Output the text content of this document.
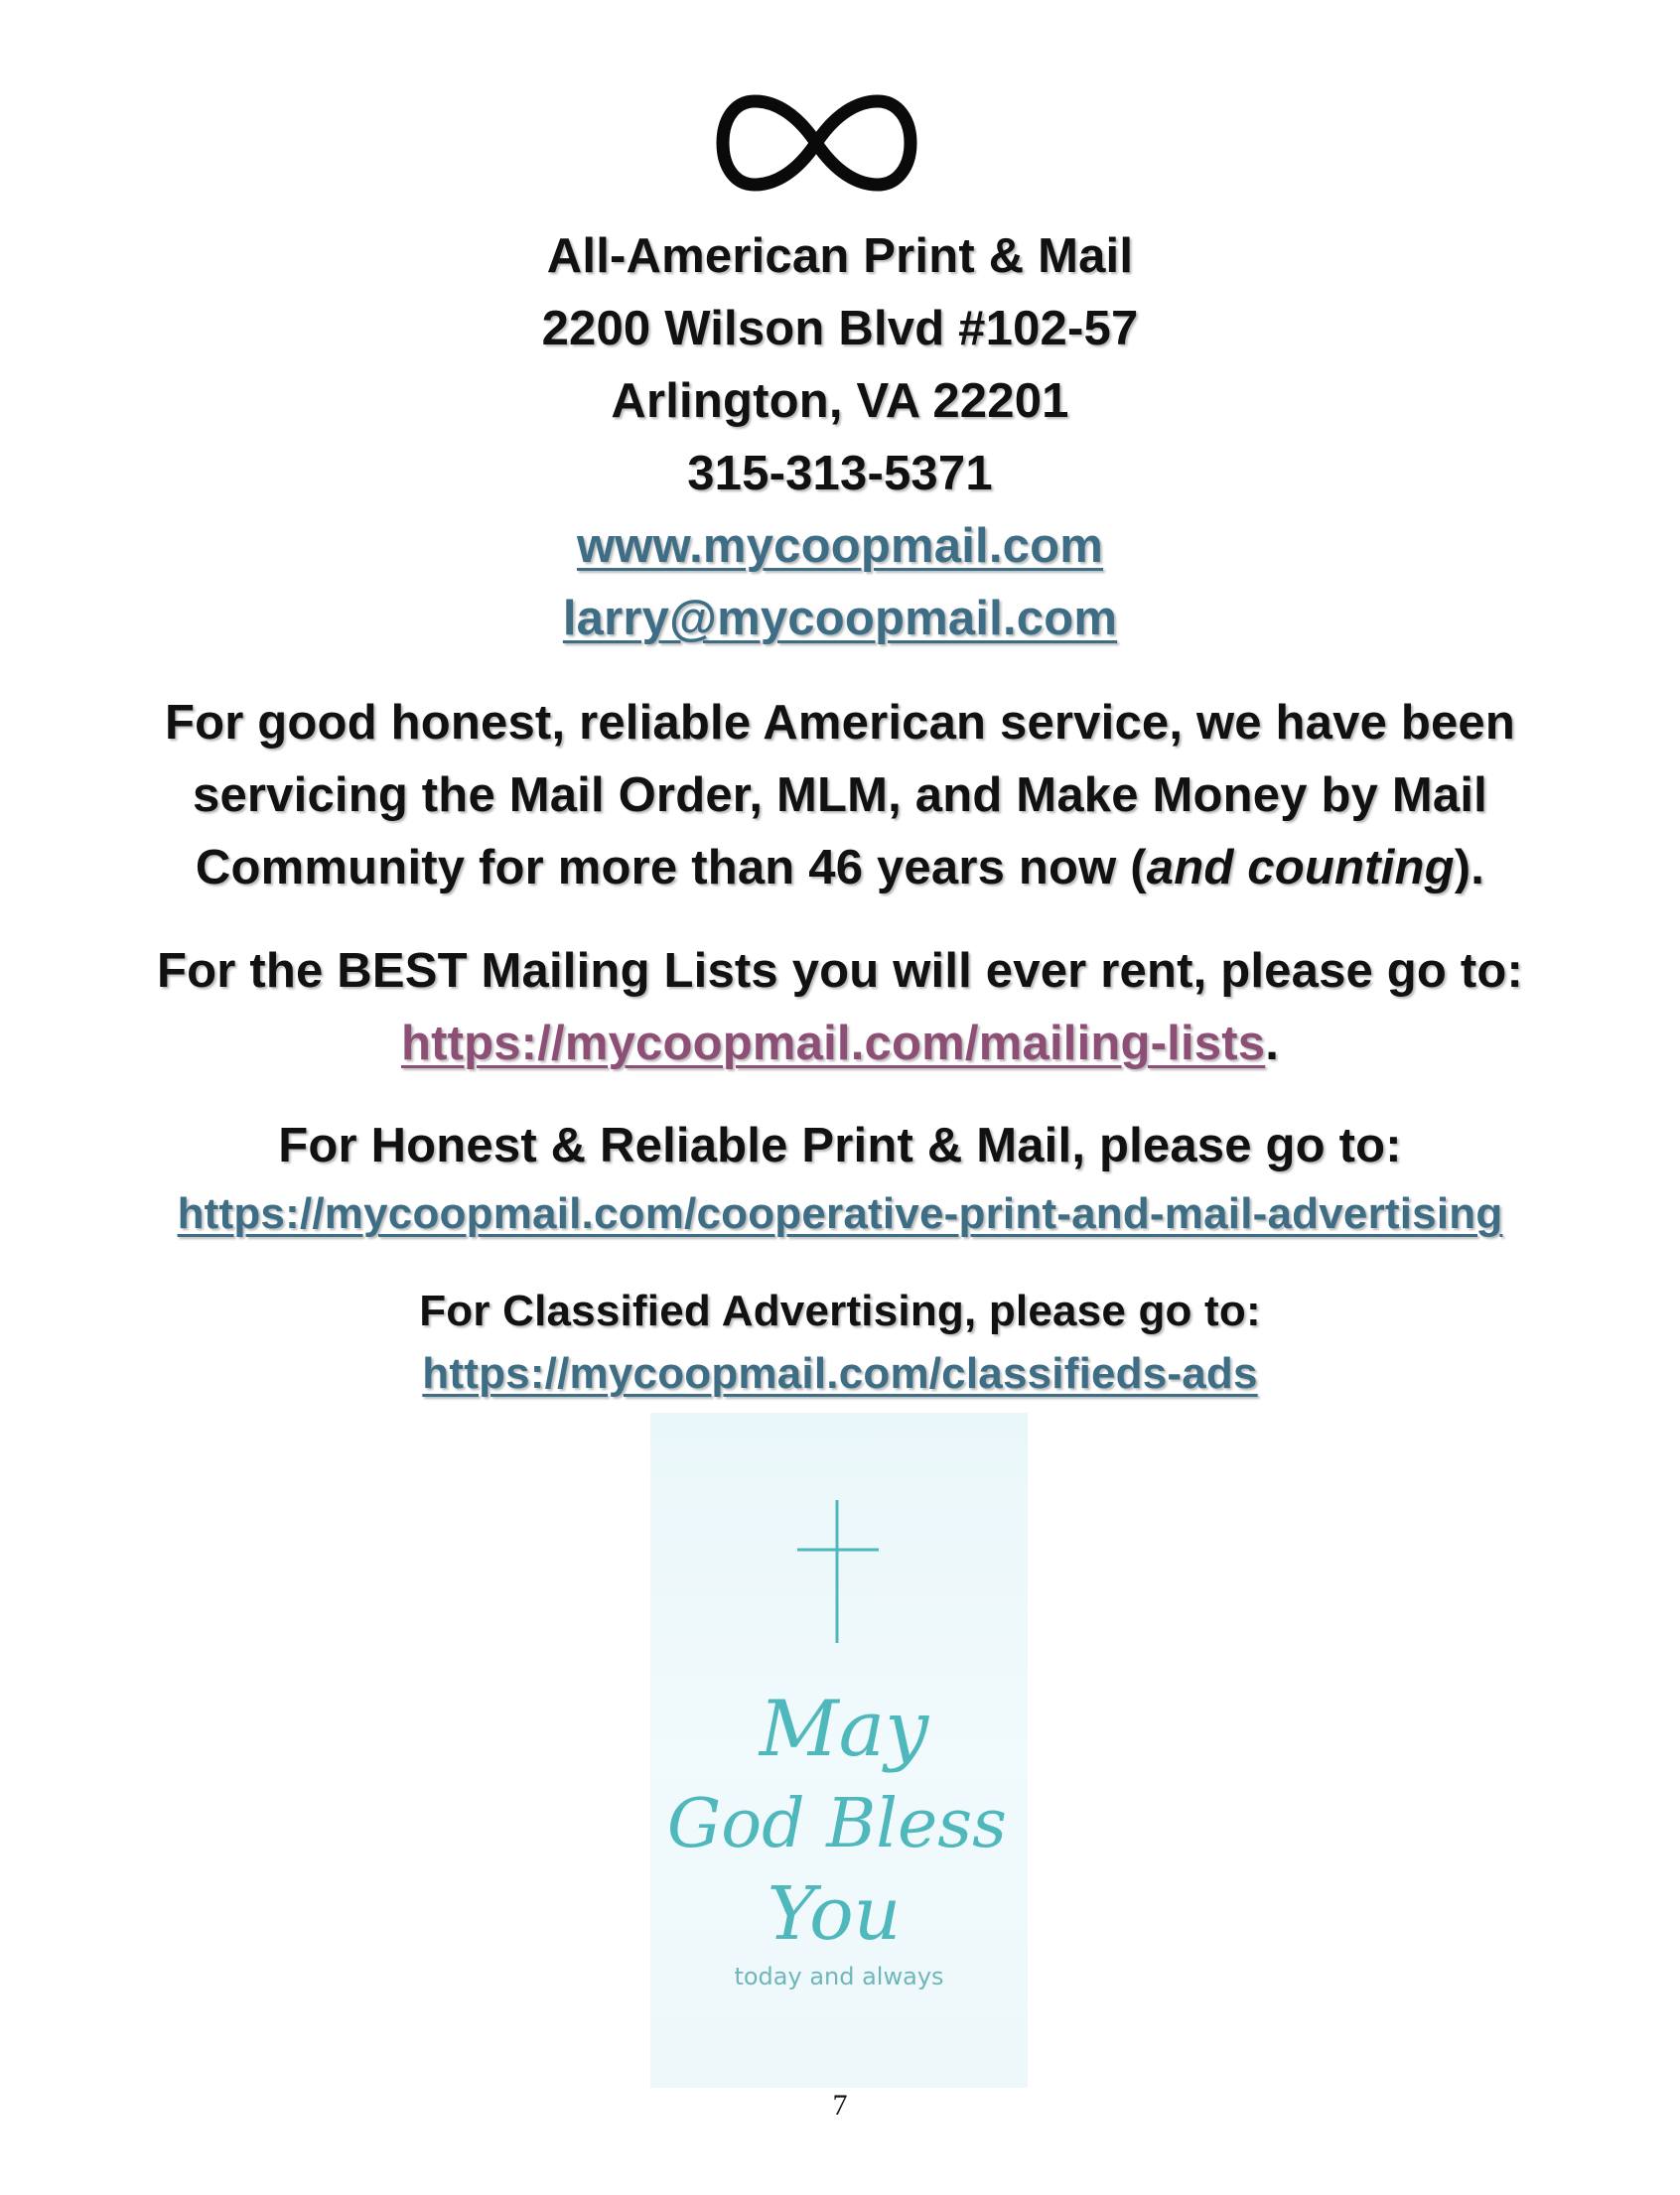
All-American Print & Mail
2200 Wilson Blvd #102-57
Arlington, VA 22201
315-313-5371
www.mycoopmail.com
larry@mycoopmail.com
For good honest, reliable American service, we have been
servicing the Mail Order, MLM, and Make Money by Mail
Community for more than 46 years now (and counting).
For the BEST Mailing Lists you will ever rent, please go to:
https://mycoopmail.com/mailing-lists.
For Honest & Reliable Print & Mail, please go to:
https://mycoopmail.com/cooperative-print-and-mail-advertising
For Classified Advertising, please go to:
https://mycoopmail.com/classifieds-ads
May
God Bless
You
today and always
7
